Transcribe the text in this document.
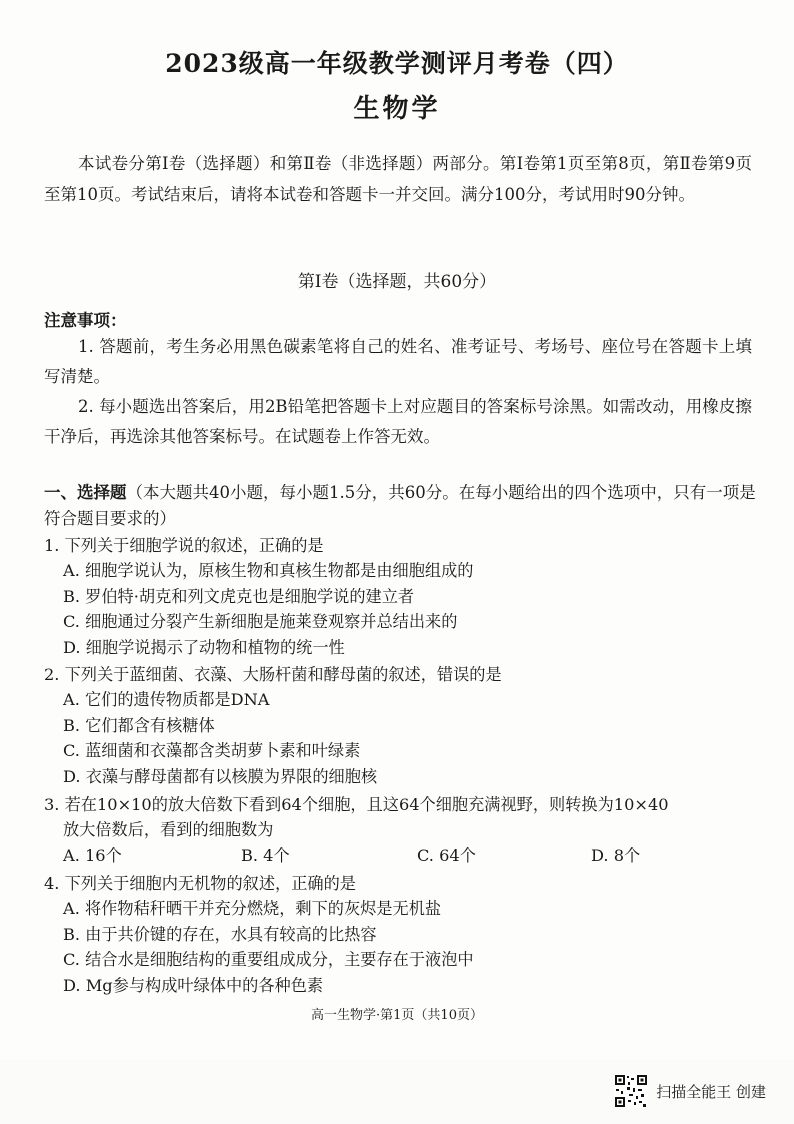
2023级高一年级教学测评月考卷（四）
生物学
本试卷分第Ⅰ卷（选择题）和第Ⅱ卷（非选择题）两部分。第Ⅰ卷第1页至第8页，第Ⅱ卷第9页至第10页。考试结束后，请将本试卷和答题卡一并交回。满分100分，考试用时90分钟。
第Ⅰ卷（选择题，共60分）
注意事项：
1. 答题前，考生务必用黑色碳素笔将自己的姓名、准考证号、考场号、座位号在答题卡上填写清楚。
2. 每小题选出答案后，用2B铅笔把答题卡上对应题目的答案标号涂黑。如需改动，用橡皮擦干净后，再选涂其他答案标号。在试题卷上作答无效。
一、选择题（本大题共40小题，每小题1.5分，共60分。在每小题给出的四个选项中，只有一项是符合题目要求的）
1. 下列关于细胞学说的叙述，正确的是
A. 细胞学说认为，原核生物和真核生物都是由细胞组成的
B. 罗伯特·胡克和列文虎克也是细胞学说的建立者
C. 细胞通过分裂产生新细胞是施莱登观察并总结出来的
D. 细胞学说揭示了动物和植物的统一性
2. 下列关于蓝细菌、衣藻、大肠杆菌和酵母菌的叙述，错误的是
A. 它们的遗传物质都是DNA
B. 它们都含有核糖体
C. 蓝细菌和衣藻都含类胡萝卜素和叶绿素
D. 衣藻与酵母菌都有以核膜为界限的细胞核
3. 若在10×10的放大倍数下看到64个细胞，且这64个细胞充满视野，则转换为10×40
放大倍数后，看到的细胞数为
A. 16个	B. 4个	C. 64个	D. 8个
4. 下列关于细胞内无机物的叙述，正确的是
A. 将作物秸秆晒干并充分燃烧，剩下的灰烬是无机盐
B. 由于共价键的存在，水具有较高的比热容
C. 结合水是细胞结构的重要组成成分，主要存在于液泡中
D. Mg参与构成叶绿体中的各种色素
高一生物学·第1页（共10页）
扫描全能王 创建
